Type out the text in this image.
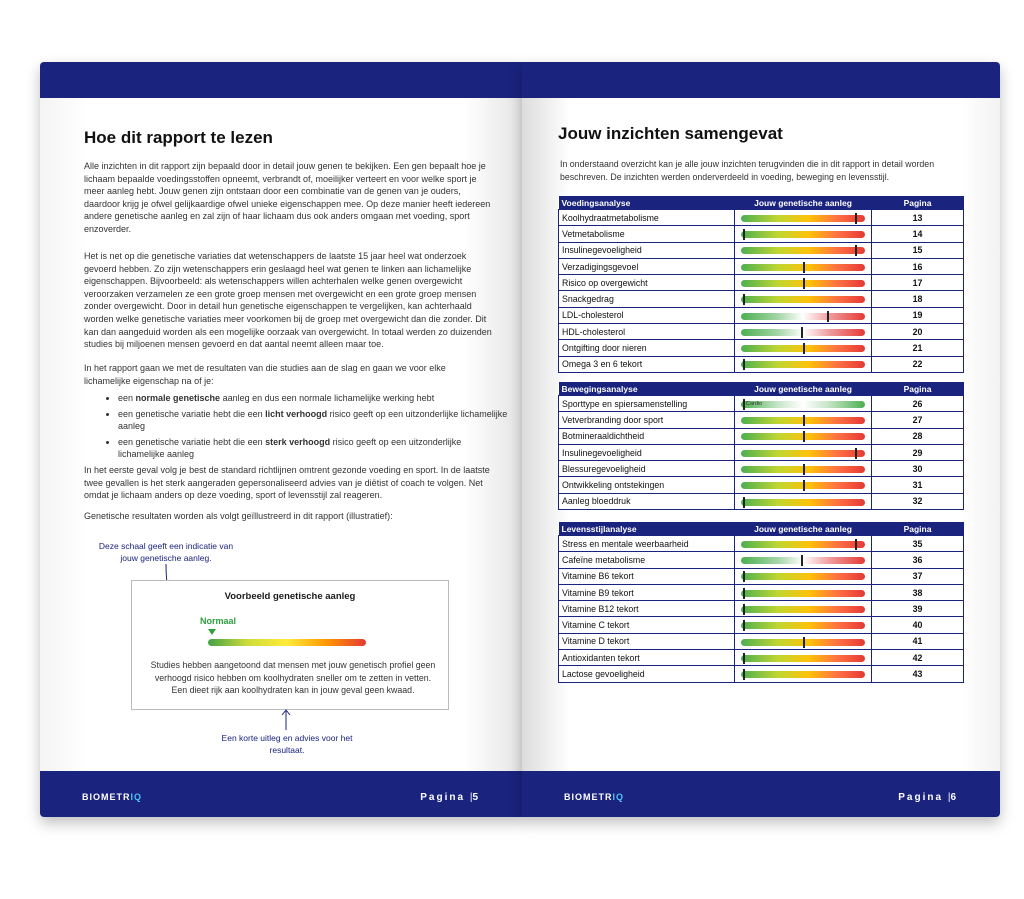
Hoe dit rapport te lezen

Alle inzichten in dit rapport zijn bepaald door in detail jouw genen te bekijken. Een gen bepaalt hoe je lichaam bepaalde voedingsstoffen opneemt, verbrandt of, moeilijker verteert en voor welke sport je meer aanleg hebt. Jouw genen zijn ontstaan door een combinatie van de genen van je ouders, daardoor krijg je ofwel gelijkaardige ofwel unieke eigenschappen mee. Op deze manier heeft iedereen andere genetische aanleg en zal zijn of haar lichaam dus ook anders omgaan met voeding, sport enzoverder.

Het is net op die genetische variaties dat wetenschappers de laatste 15 jaar heel wat onderzoek gevoerd hebben. Zo zijn wetenschappers erin geslaagd heel wat genen te linken aan lichamelijke eigenschappen. Bijvoorbeeld: als wetenschappers willen achterhalen welke genen overgewicht veroorzaken verzamelen ze een grote groep mensen met overgewicht en een grote groep mensen zonder overgewicht. Door in detail hun genetische eigenschappen te vergelijken, kan achterhaald worden welke genetische variaties meer voorkomen bij de groep met overgewicht dan die zonder. Dit kan dan aangeduid worden als een mogelijke oorzaak van overgewicht. In totaal werden zo duizenden studies bij miljoenen mensen gevoerd en dat aantal neemt alleen maar toe.

In het rapport gaan we met de resultaten van die studies aan de slag en gaan we voor elke lichamelijke eigenschap na of je:

• een normale genetische aanleg en dus een normale lichamelijke werking hebt
• een genetische variatie hebt die een licht verhoogd risico geeft op een uitzonderlijke lichamelijke aanleg
• een genetische variatie hebt die een sterk verhoogd risico geeft op een uitzonderlijke lichamelijke aanleg

In het eerste geval volg je best de standard richtlijnen omtrent gezonde voeding en sport. In de laatste twee gevallen is het sterk aangeraden gepersonaliseerd advies van je diëtist of coach te volgen. Net omdat je lichaam anders op deze voeding, sport of levensstijl zal reageren.

Genetische resultaten worden als volgt geïllustreerd in dit rapport (illustratief):

Deze schaal geeft een indicatie van jouw genetische aanleg.
Voorbeeld genetische aanleg
Normaal
Studies hebben aangetoond dat mensen met jouw genetisch profiel geen verhoogd risico hebben om koolhydraten sneller om te zetten in vetten. Een dieet rijk aan koolhydraten kan in jouw geval geen kwaad.
Een korte uitleg en advies voor het resultaat.
BIOMETRIQ	Pagina |5
Jouw inzichten samengevat

In onderstaand overzicht kan je alle jouw inzichten terugvinden die in dit rapport in detail worden beschreven. De inzichten werden onderverdeeld in voeding, beweging en levensstijl.

Voedingsanalyse	Jouw genetische aanleg	Pagina
Koolhydraatmetabolisme		13
Vetmetabolisme		14
Insulinegevoeligheid		15
Verzadigingsgevoel		16
Risico op overgewicht		17
Snackgedrag		18
LDL-cholesterol		19
HDL-cholesterol		20
Ontgifting door nieren		21
Omega 3 en 6 tekort		22
Bewegingsanalyse	Jouw genetische aanleg	Pagina
Sporttype en spiersamenstelling	Cardio	26
Vetverbranding door sport		27
Botmineraaldichtheid		28
Insulinegevoeligheid		29
Blessuregevoeligheid		30
Ontwikkeling ontstekingen		31
Aanleg bloeddruk		32
Levensstijlanalyse	Jouw genetische aanleg	Pagina
Stress en mentale weerbaarheid		35
Cafeïne metabolisme		36
Vitamine B6 tekort		37
Vitamine B9 tekort		38
Vitamine B12 tekort		39
Vitamine C tekort		40
Vitamine D tekort		41
Antioxidanten tekort		42
Lactose gevoeligheid		43
BIOMETRIQ	Pagina |6
